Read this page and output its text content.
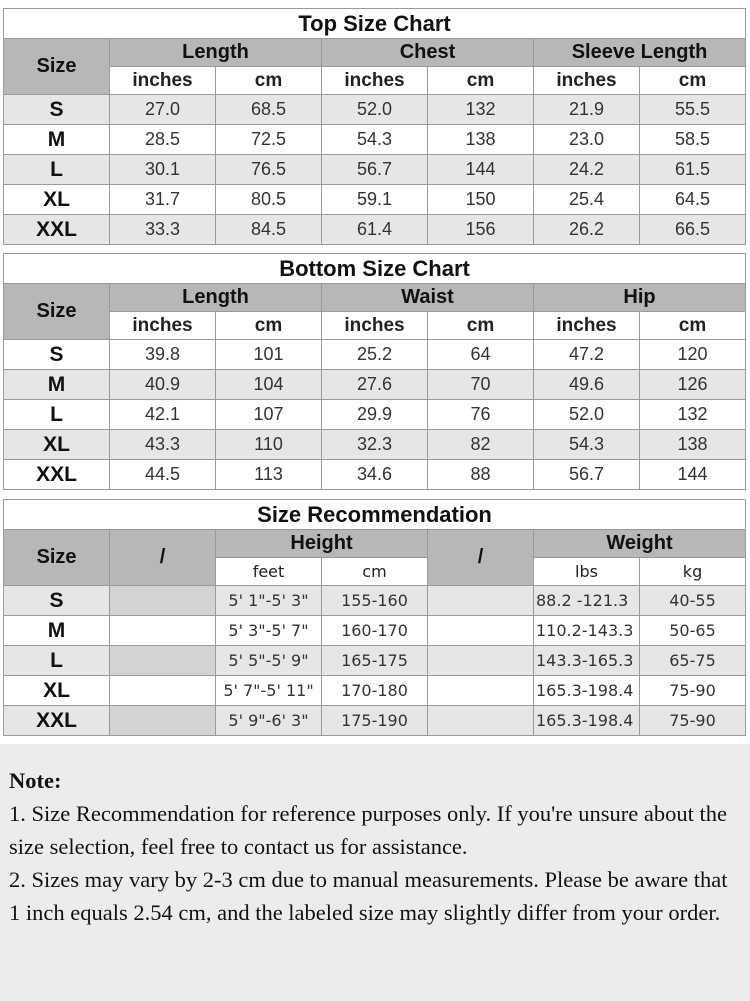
Top Size Chart						
Size	Length		Chest		Sleeve Length	
	inches	cm	inches	cm	inches	cm
S	27.0	68.5	52.0	132	21.9	55.5
M	28.5	72.5	54.3	138	23.0	58.5
L	30.1	76.5	56.7	144	24.2	61.5
XL	31.7	80.5	59.1	150	25.4	64.5
XXL	33.3	84.5	61.4	156	26.2	66.5
Bottom Size Chart						
Size	Length		Waist		Hip	
	inches	cm	inches	cm	inches	cm
S	39.8	101	25.2	64	47.2	120
M	40.9	104	27.6	70	49.6	126
L	42.1	107	29.9	76	52.0	132
XL	43.3	110	32.3	82	54.3	138
XXL	44.5	113	34.6	88	56.7	144
Size Recommendation						
Size	/	Height		/	Weight	
		feet	cm		lbs	kg
S		5' 1"-5' 3"	155-160		88.2 -121.3	40-55
M		5' 3"-5' 7"	160-170		110.2-143.3	50-65
L		5' 5"-5' 9"	165-175		143.3-165.3	65-75
XL		5' 7"-5' 11"	170-180		165.3-198.4	75-90
XXL		5' 9"-6' 3"	175-190		165.3-198.4	75-90

Note:

1. Size Recommendation for reference purposes only. If you're unsure about the size selection, feel free to contact us for assistance.

2. Sizes may vary by 2-3 cm due to manual measurements. Please be aware that 1 inch equals 2.54 cm, and the labeled size may slightly differ from your order.
